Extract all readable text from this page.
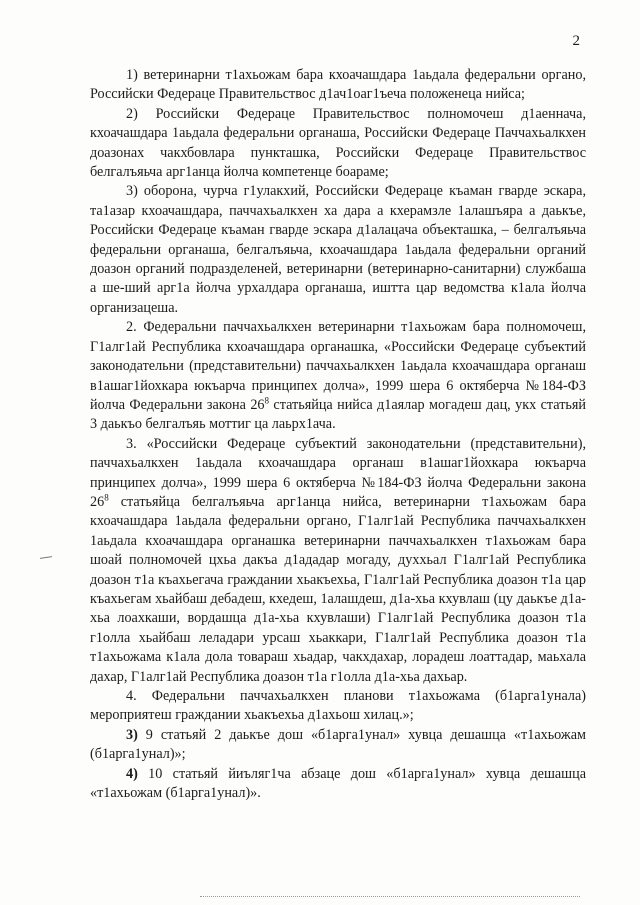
2

1) ветеринарни т1ахьожам бара кхоачашдара 1аьдала федеральни органо, Российски Федераце Правительствос д1ач1оаг1ъеча положенеца нийса;

2) Российски Федераце Правительствос полномочеш д1аеннача, кхоачашдара 1аьдала федеральни органаша, Российски Федераце Паччахьалкхен доазонах чакхбовлара пункташка, Российски Федераце Правительствос белгалъяьча арг1анца йолча компетенце боараме;

3) оборона, чурча г1улакхий, Российски Федераце къаман гварде эскара, та1азар кхоачашдара, паччахьалкхен ха дара а кхерамзле 1алашъяра а даькъе, Российски Федераце къаман гварде эскара д1алацача объекташка, – белгалъяьча федеральни органаша, белгалъяьча, кхоачашдара 1аьдала федеральни органий доазон органий подразделеней, ветеринарни (ветеринарно-санитарни) службаша а ше-ший арг1а йолча урхалдара органаша, иштта цар ведомства к1ала йолча организацеша.

2. Федеральни паччахьалкхен ветеринарни т1ахьожам бара полномочеш, Г1алг1ай Республика кхоачашдара органашка, «Российски Федераце субъектий законодательни (представительни) паччахьалкхен 1аьдала кхоачашдара органаш в1ашаг1йохкара юкъарча принципех долча», 1999 шера 6 октяберча №184-ФЗ йолча Федеральни закона $26^8$ статьяйца нийса д1аялар могадеш дац, укх статьяй 3 даькъо белгалъяь моттиг ца лаьрх1ача.

3. «Российски Федераце субъектий законодательни (представительни), паччахьалкхен 1аьдала кхоачашдара органаш в1ашаг1йохкара юкъарча принципех долча», 1999 шера 6 октяберча №184-ФЗ йолча Федеральни закона $26^8$ статьяйца белгалъяьча арг1анца нийса, ветеринарни т1ахьожам бара кхоачашдара 1аьдала федеральни органо, Г1алг1ай Республика паччахьалкхен 1аьдала кхоачашдара органашка ветеринарни паччахьалкхен т1ахьожам бара шоай полномочей цхьа дакъа д1ададар могаду, духхьал Г1алг1ай Республика доазон т1а къахьегача граждании хьакъехьа, Г1алг1ай Республика доазон т1а цар къахьегам хьайбаш дебадеш, кхедеш, 1алашдеш, д1а-хьа кхувлаш (цу даькъе д1а-хьа лоахкаши, вордашца д1а-хьа кхувлаши) Г1алг1ай Республика доазон т1а г1олла хьайбаш леладари урсаш хьаккари, Г1алг1ай Республика доазон т1а т1ахьожама к1ала дола товараш хьадар, чакхдахар, лорадеш лоаттадар, маьхала дахар, Г1алг1ай Республика доазон т1а г1олла д1а-хьа дахьар.

4. Федеральни паччахьалкхен планови т1ахьожама (б1арга1унала) мероприятеш граждании хьакъехьа д1ахьош хилац.»;

3) 9 статьяй 2 даькъе дош «б1арга1унал» хувца дешашца «т1ахьожам (б1арга1унал)»;

4) 10 статьяй йиъляг1ча абзаце дош «б1арга1унал» хувца дешашца «т1ахьожам (б1арга1унал)».
